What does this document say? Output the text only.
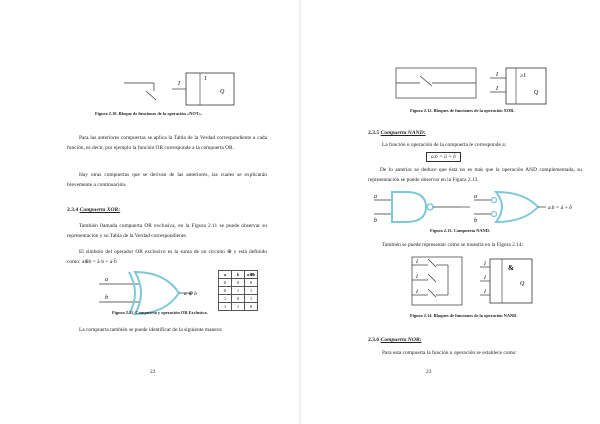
I
1
Q
Figura 2.10. Bloque de funciones de la operación «NOT».
Para las anteriores compuertas se aplica la Tabla de la Verdad correspondiente a cada función, es decir, por ejemplo la función OR corresponde a la compuerta OR.
Hay otras compuertas que se derivan de las anteriores, las cuales se explicarán brevemente a continuación.
2.3.4 Compuerta XOR:
También llamada compuerta OR exclusiva, en la Figura 2.11 se puede observar su representación y su Tabla de la Verdad correspondiente.
El símbolo del operador OR exclusivo es la suma de un circuito ⊕ y está definido como: a⊕b = ā·b + a·b̄
a
b
a ⊕ b
a	b	a⊕b
0	0	0
0	1	1
1	0	1
1	1	0
Figura 2.11. Compuerta y operación OR Exclusiva.
La compuerta también se puede identificar de la siguiente manera:
22
I
I
≥1
Q
Figura 2.12. Bloques de funciones de la operación XOR.
2.3.5 Compuerta NAND:
La función u operación de la compuerta le corresponde a:
a.b = ā + b̄
De lo anterior se deduce que ésta no es más que la operación AND complementada, su representación se puede observar en la Figura 2.13.
a
b
a
b
a.b = ā + b̄
Figura 2.13. Compuerta NAND.
También se puede representar como se muestra en la Figura 2.14:
I
I
I
I
I
I
&
Q
Figura 2.14. Bloques de funciones de la operación NAND.
2.3.6 Compuerta NOR:
Para esta compuerta la función u operación se establece como:
23
